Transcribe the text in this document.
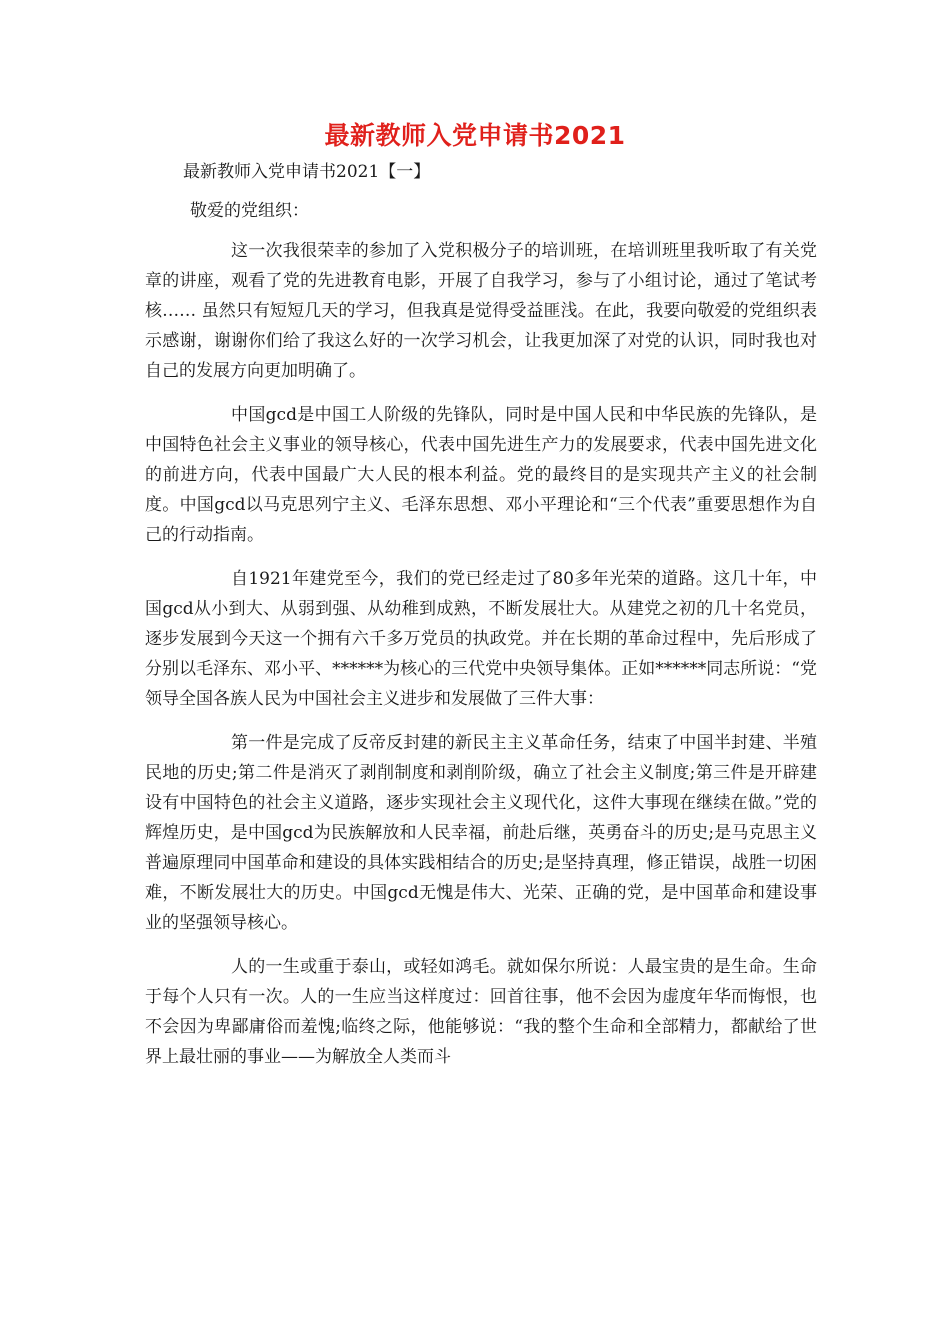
最新教师入党申请书2021
最新教师入党申请书2021【一】
敬爱的党组织：

这一次我很荣幸的参加了入党积极分子的培训班，在培训班里我听取了有关党章的讲座，观看了党的先进教育电影，开展了自我学习，参与了小组讨论，通过了笔试考核…… 虽然只有短短几天的学习，但我真是觉得受益匪浅。在此，我要向敬爱的党组织表示感谢，谢谢你们给了我这么好的一次学习机会，让我更加深了对党的认识，同时我也对自己的发展方向更加明确了。

中国gcd是中国工人阶级的先锋队，同时是中国人民和中华民族的先锋队，是中国特色社会主义事业的领导核心，代表中国先进生产力的发展要求，代表中国先进文化的前进方向，代表中国最广大人民的根本利益。党的最终目的是实现共产主义的社会制度。中国gcd以马克思列宁主义、毛泽东思想、邓小平理论和“三个代表”重要思想作为自己的行动指南。

自1921年建党至今，我们的党已经走过了80多年光荣的道路。这几十年，中国gcd从小到大、从弱到强、从幼稚到成熟，不断发展壮大。从建党之初的几十名党员，逐步发展到今天这一个拥有六千多万党员的执政党。并在长期的革命过程中，先后形成了分别以毛泽东、邓小平、******为核心的三代党中央领导集体。正如******同志所说：“党领导全国各族人民为中国社会主义进步和发展做了三件大事：

第一件是完成了反帝反封建的新民主主义革命任务，结束了中国半封建、半殖民地的历史;第二件是消灭了剥削制度和剥削阶级，确立了社会主义制度;第三件是开辟建设有中国特色的社会主义道路，逐步实现社会主义现代化，这件大事现在继续在做。”党的辉煌历史，是中国gcd为民族解放和人民幸福，前赴后继，英勇奋斗的历史;是马克思主义普遍原理同中国革命和建设的具体实践相结合的历史;是坚持真理，修正错误，战胜一切困难，不断发展壮大的历史。中国gcd无愧是伟大、光荣、正确的党，是中国革命和建设事业的坚强领导核心。

人的一生或重于泰山，或轻如鸿毛。就如保尔所说：人最宝贵的是生命。生命于每个人只有一次。人的一生应当这样度过：回首往事，他不会因为虚度年华而悔恨，也不会因为卑鄙庸俗而羞愧;临终之际，他能够说：“我的整个生命和全部精力，都献给了世界上最壮丽的事业——为解放全人类而斗
